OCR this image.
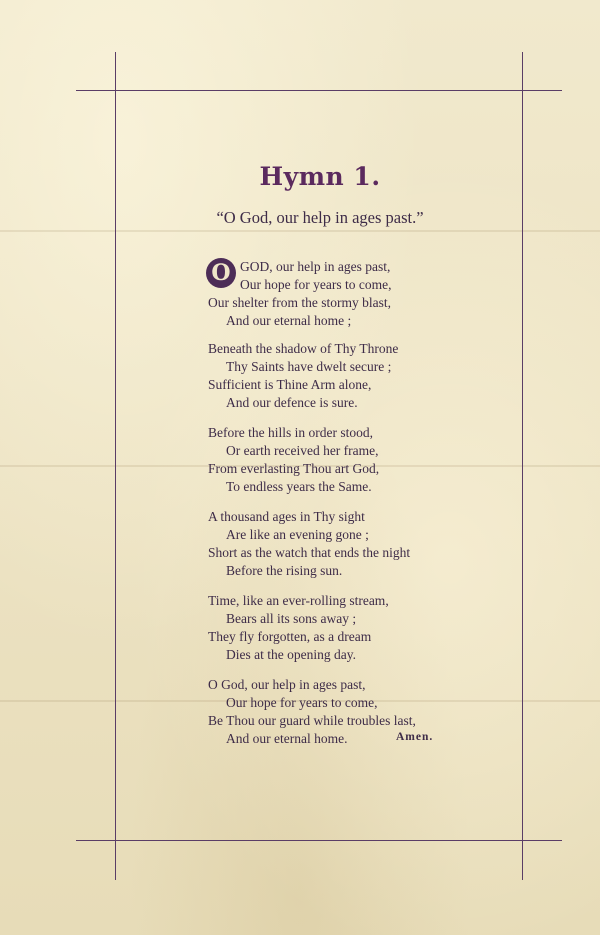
Hymn 1.
“O God, our help in ages past.”
O GOD, our help in ages past,
Our hope for years to come,
Our shelter from the stormy blast,
And our eternal home ;
Beneath the shadow of Thy Throne
Thy Saints have dwelt secure ;
Sufficient is Thine Arm alone,
And our defence is sure.
Before the hills in order stood,
Or earth received her frame,
From everlasting Thou art God,
To endless years the Same.
A thousand ages in Thy sight
Are like an evening gone ;
Short as the watch that ends the night
Before the rising sun.
Time, like an ever-rolling stream,
Bears all its sons away ;
They fly forgotten, as a dream
Dies at the opening day.
O God, our help in ages past,
Our hope for years to come,
Be Thou our guard while troubles last,
And our eternal home.	Amen.
